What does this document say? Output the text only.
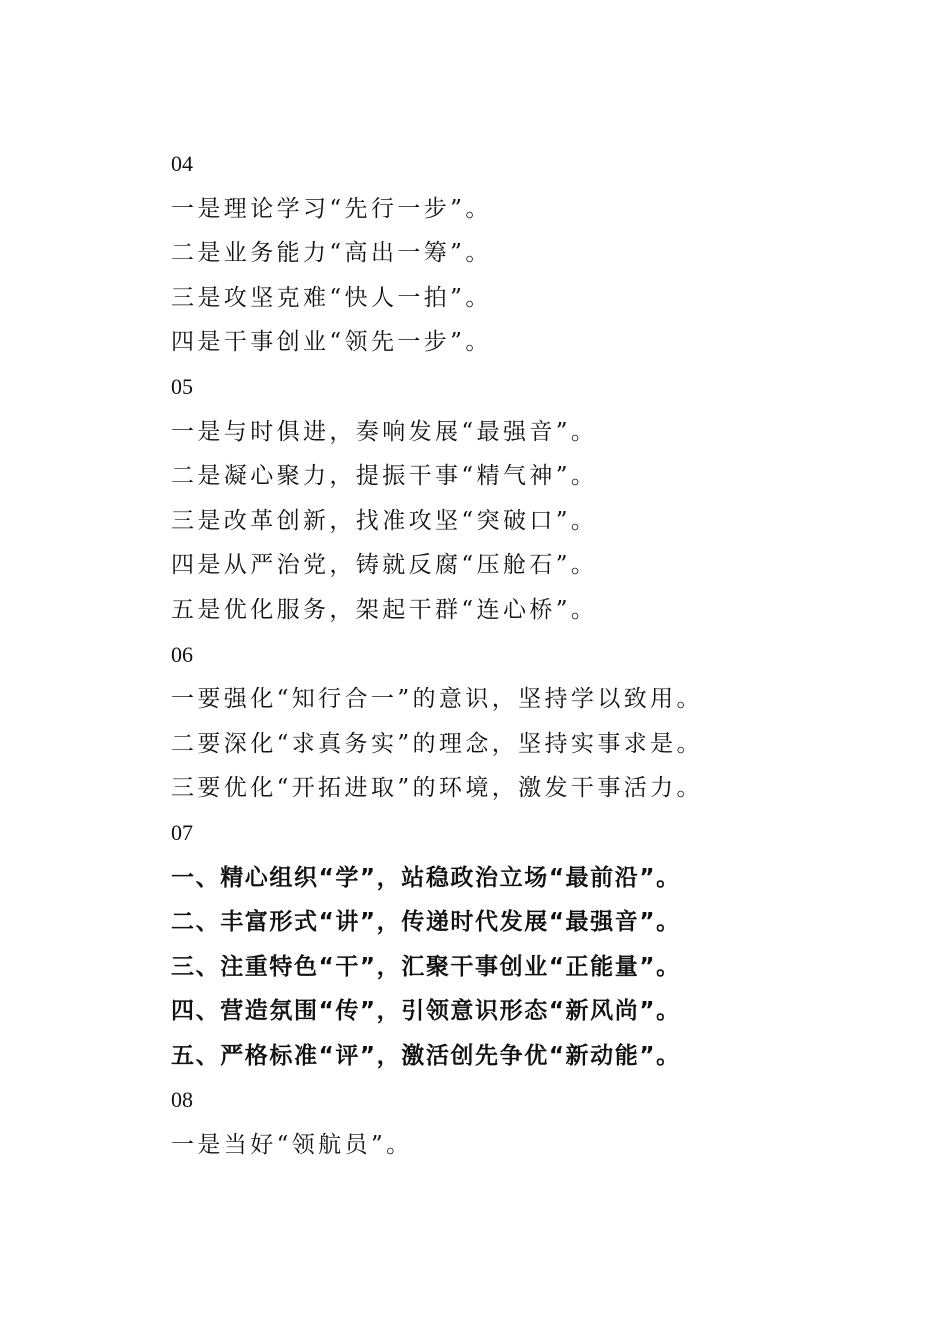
04
一是理论学习“先行一步”。
二是业务能力“高出一筹”。
三是攻坚克难“快人一拍”。
四是干事创业“领先一步”。
05
一是与时俱进，奏响发展“最强音”。
二是凝心聚力，提振干事“精气神”。
三是改革创新，找准攻坚“突破口”。
四是从严治党，铸就反腐“压舱石”。
五是优化服务，架起干群“连心桥”。
06
一要强化“知行合一”的意识，坚持学以致用。
二要深化“求真务实”的理念，坚持实事求是。
三要优化“开拓进取”的环境，激发干事活力。
07
一、精心组织“学”，站稳政治立场“最前沿”。
二、丰富形式“讲”，传递时代发展“最强音”。
三、注重特色“干”，汇聚干事创业“正能量”。
四、营造氛围“传”，引领意识形态“新风尚”。
五、严格标准“评”，激活创先争优“新动能”。
08
一是当好“领航员”。
